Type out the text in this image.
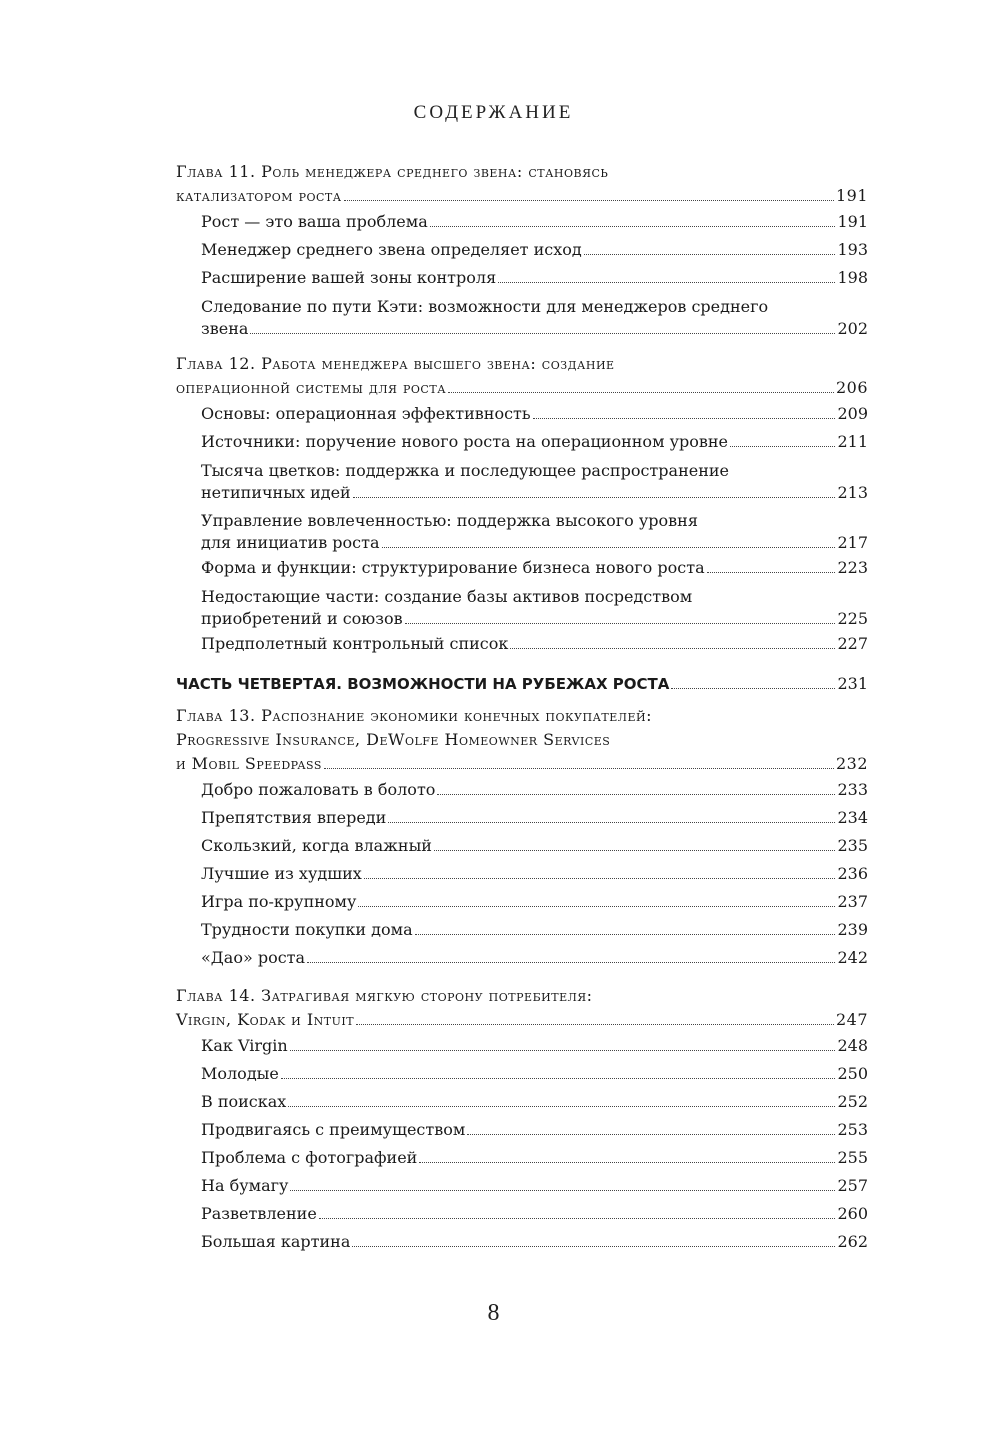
СОДЕРЖАНИЕ
Глава 11. Роль менеджера среднего звена: становясь
катализатором роста	191
Рост — это ваша проблема	191
Менеджер среднего звена определяет исход	193
Расширение вашей зоны контроля	198
Следование по пути Кэти: возможности для менеджеров среднего
звена	202
Глава 12. Работа менеджера высшего звена: создание
операционной системы для роста	206
Основы: операционная эффективность	209
Источники: поручение нового роста на операционном уровне	211
Тысяча цветков: поддержка и последующее распространение
нетипичных идей	213
Управление вовлеченностью: поддержка высокого уровня
для инициатив роста	217
Форма и функции: структурирование бизнеса нового роста	223
Недостающие части: создание базы активов посредством
приобретений и союзов	225
Предполетный контрольный список	227
ЧАСТЬ ЧЕТВЕРТАЯ. ВОЗМОЖНОСТИ НА РУБЕЖАХ РОСТА	231
Глава 13. Распознание экономики конечных покупателей:
Progressive Insurance, DeWolfe Homeowner Services
и Mobil Speedpass	232
Добро пожаловать в болото	233
Препятствия впереди	234
Скользкий, когда влажный	235
Лучшие из худших	236
Игра по-крупному	237
Трудности покупки дома	239
«Дао» роста	242
Глава 14. Затрагивая мягкую сторону потребителя:
Virgin, Kodak и Intuit	247
Как Virgin	248
Молодые	250
В поисках	252
Продвигаясь с преимуществом	253
Проблема с фотографией	255
На бумагу	257
Разветвление	260
Большая картина	262
8
